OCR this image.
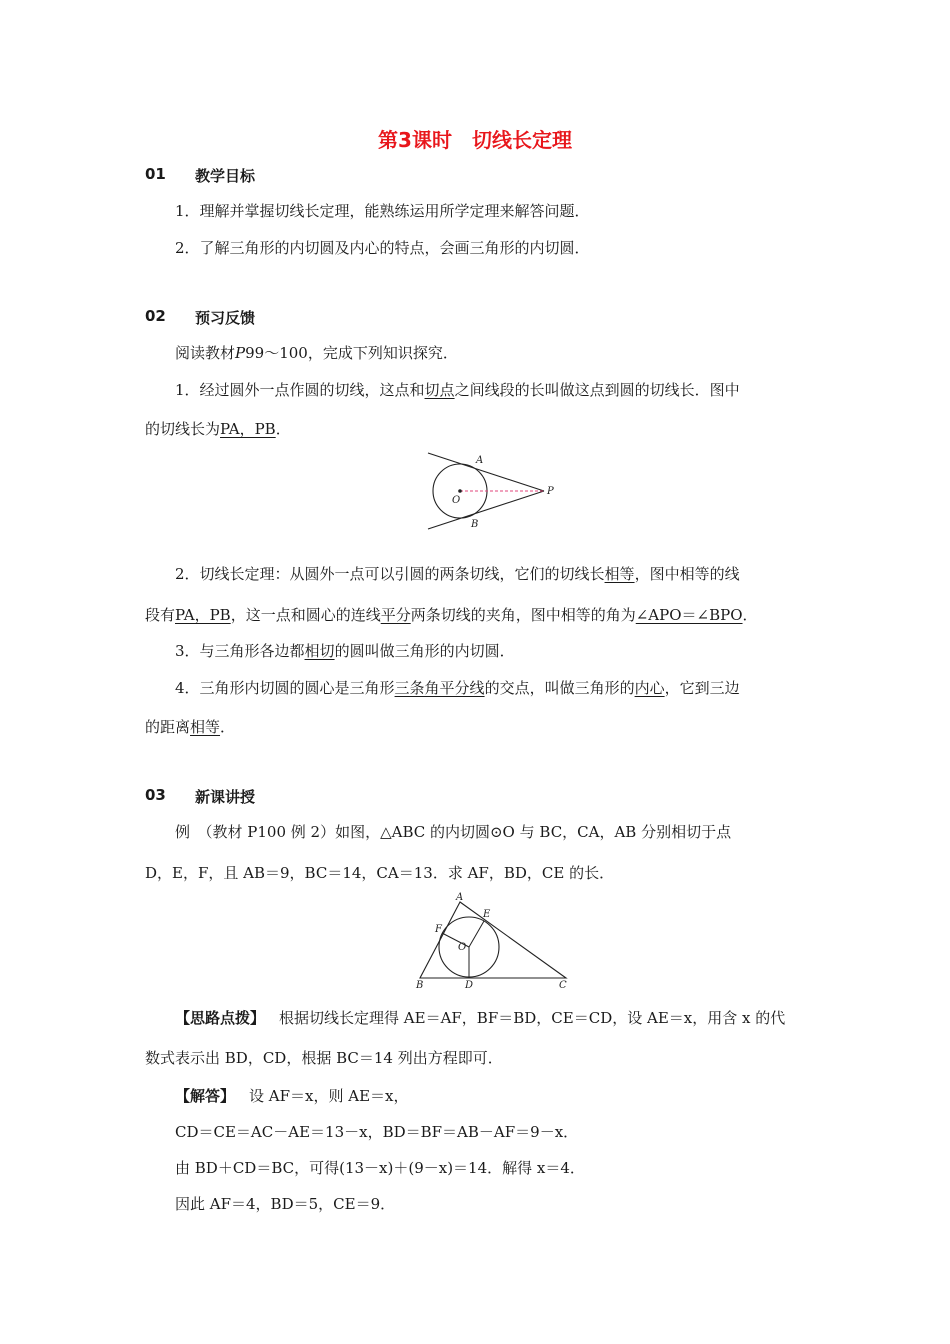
第3课时　切线长定理
01 教学目标
1．理解并掌握切线长定理，能熟练运用所学定理来解答问题．
2．了解三角形的内切圆及内心的特点，会画三角形的内切圆．
02 预习反馈
阅读教材P99～100，完成下列知识探究．
1．经过圆外一点作圆的切线，这点和切点之间线段的长叫做这点到圆的切线长．图中
的切线长为PA，PB．
A
O
P
B
2．切线长定理：从圆外一点可以引圆的两条切线，它们的切线长相等，图中相等的线
段有PA，PB，这一点和圆心的连线平分两条切线的夹角，图中相等的角为∠APO＝∠BPO．
3．与三角形各边都相切的圆叫做三角形的内切圆．
4．三角形内切圆的圆心是三角形三条角平分线的交点，叫做三角形的内心，它到三边
的距离相等．
03 新课讲授
例　（教材 P100 例 2）如图，△ABC 的内切圆⊙O 与 BC，CA，AB 分别相切于点
D，E，F，且 AB＝9，BC＝14，CA＝13．求 AF，BD，CE 的长．
A
E
F
O
B	D	C
【思路点拨】 根据切线长定理得 AE＝AF，BF＝BD，CE＝CD，设 AE＝x，用含 x 的代
数式表示出 BD，CD，根据 BC＝14 列出方程即可．
【解答】 设 AF＝x，则 AE＝x，
CD＝CE＝AC－AE＝13－x，BD＝BF＝AB－AF＝9－x．
由 BD＋CD＝BC，可得(13－x)＋(9－x)＝14．解得 x＝4．
因此 AF＝4，BD＝5，CE＝9．
